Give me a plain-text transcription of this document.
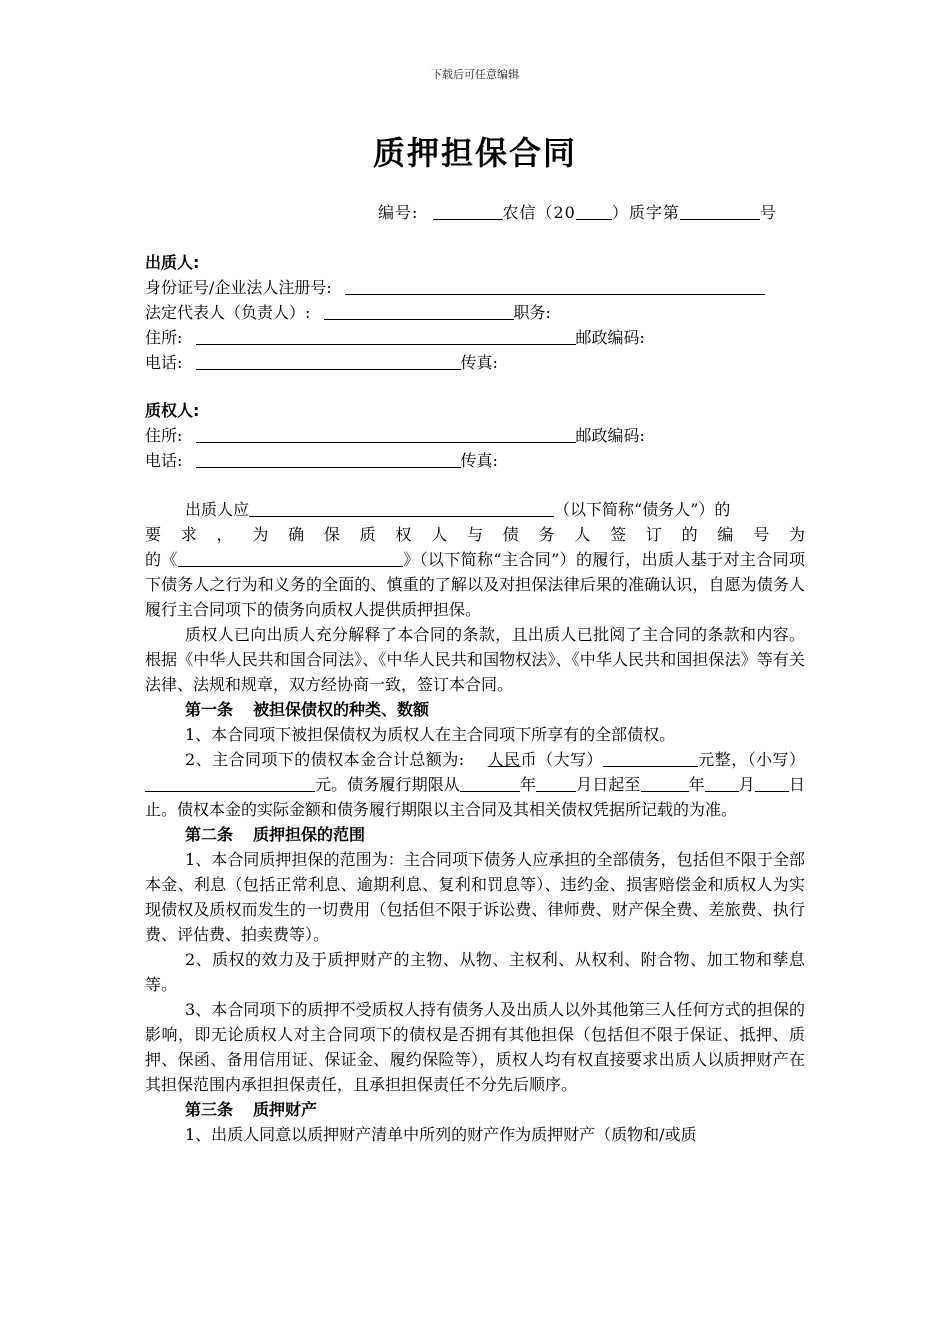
下载后可任意编辑
质押担保合同
编号:	农信（20 ）质字第	号
出质人:
身份证号/企业法人注册号:
法定代表人（负责人）:	职务:
住所:	邮政编码:
电话:	传真:
质权人:
住所:	邮政编码:
电话:	传真:
出质人应	（以下简称“债务人”）的
要求，为确保质权人与债务人签订的编号为

的《	》（以下简称“主合同”）的履行，出质人基于对主合同项下债务人之行为和义务的全面的、慎重的了解以及对担保法律后果的准确认识，自愿为债务人履行主合同项下的债务向质权人提供质押担保。

质权人已向出质人充分解释了本合同的条款，且出质人已批阅了主合同的条款和内容。根据《中华人民共和国合同法》、《中华人民共和国物权法》、《中华人民共和国担保法》等有关法律、法规和规章，双方经协商一致，签订本合同。

第一条 被担保债权的种类、数额

1、本合同项下被担保债权为质权人在主合同项下所享有的全部债权。

2、主合同项下的债权本金合计总额为: 人民币（大写）	元整，（小写）元。债务履行期限从	年	月日起至	年 月 日止。债权本金的实际金额和债务履行期限以主合同及其相关债权凭据所记载的为准。

第二条 质押担保的范围

1、本合同质押担保的范围为：主合同项下债务人应承担的全部债务，包括但不限于全部本金、利息（包括正常利息、逾期利息、复利和罚息等）、违约金、损害赔偿金和质权人为实现债权及质权而发生的一切费用（包括但不限于诉讼费、律师费、财产保全费、差旅费、执行费、评估费、拍卖费等）。

2、质权的效力及于质押财产的主物、从物、主权利、从权利、附合物、加工物和孳息等。

3、本合同项下的质押不受质权人持有债务人及出质人以外其他第三人任何方式的担保的影响，即无论质权人对主合同项下的债权是否拥有其他担保（包括但不限于保证、抵押、质押、保函、备用信用证、保证金、履约保险等），质权人均有权直接要求出质人以质押财产在其担保范围内承担担保责任，且承担担保责任不分先后顺序。

第三条 质押财产

1、出质人同意以质押财产清单中所列的财产作为质押财产（质物和/或质
